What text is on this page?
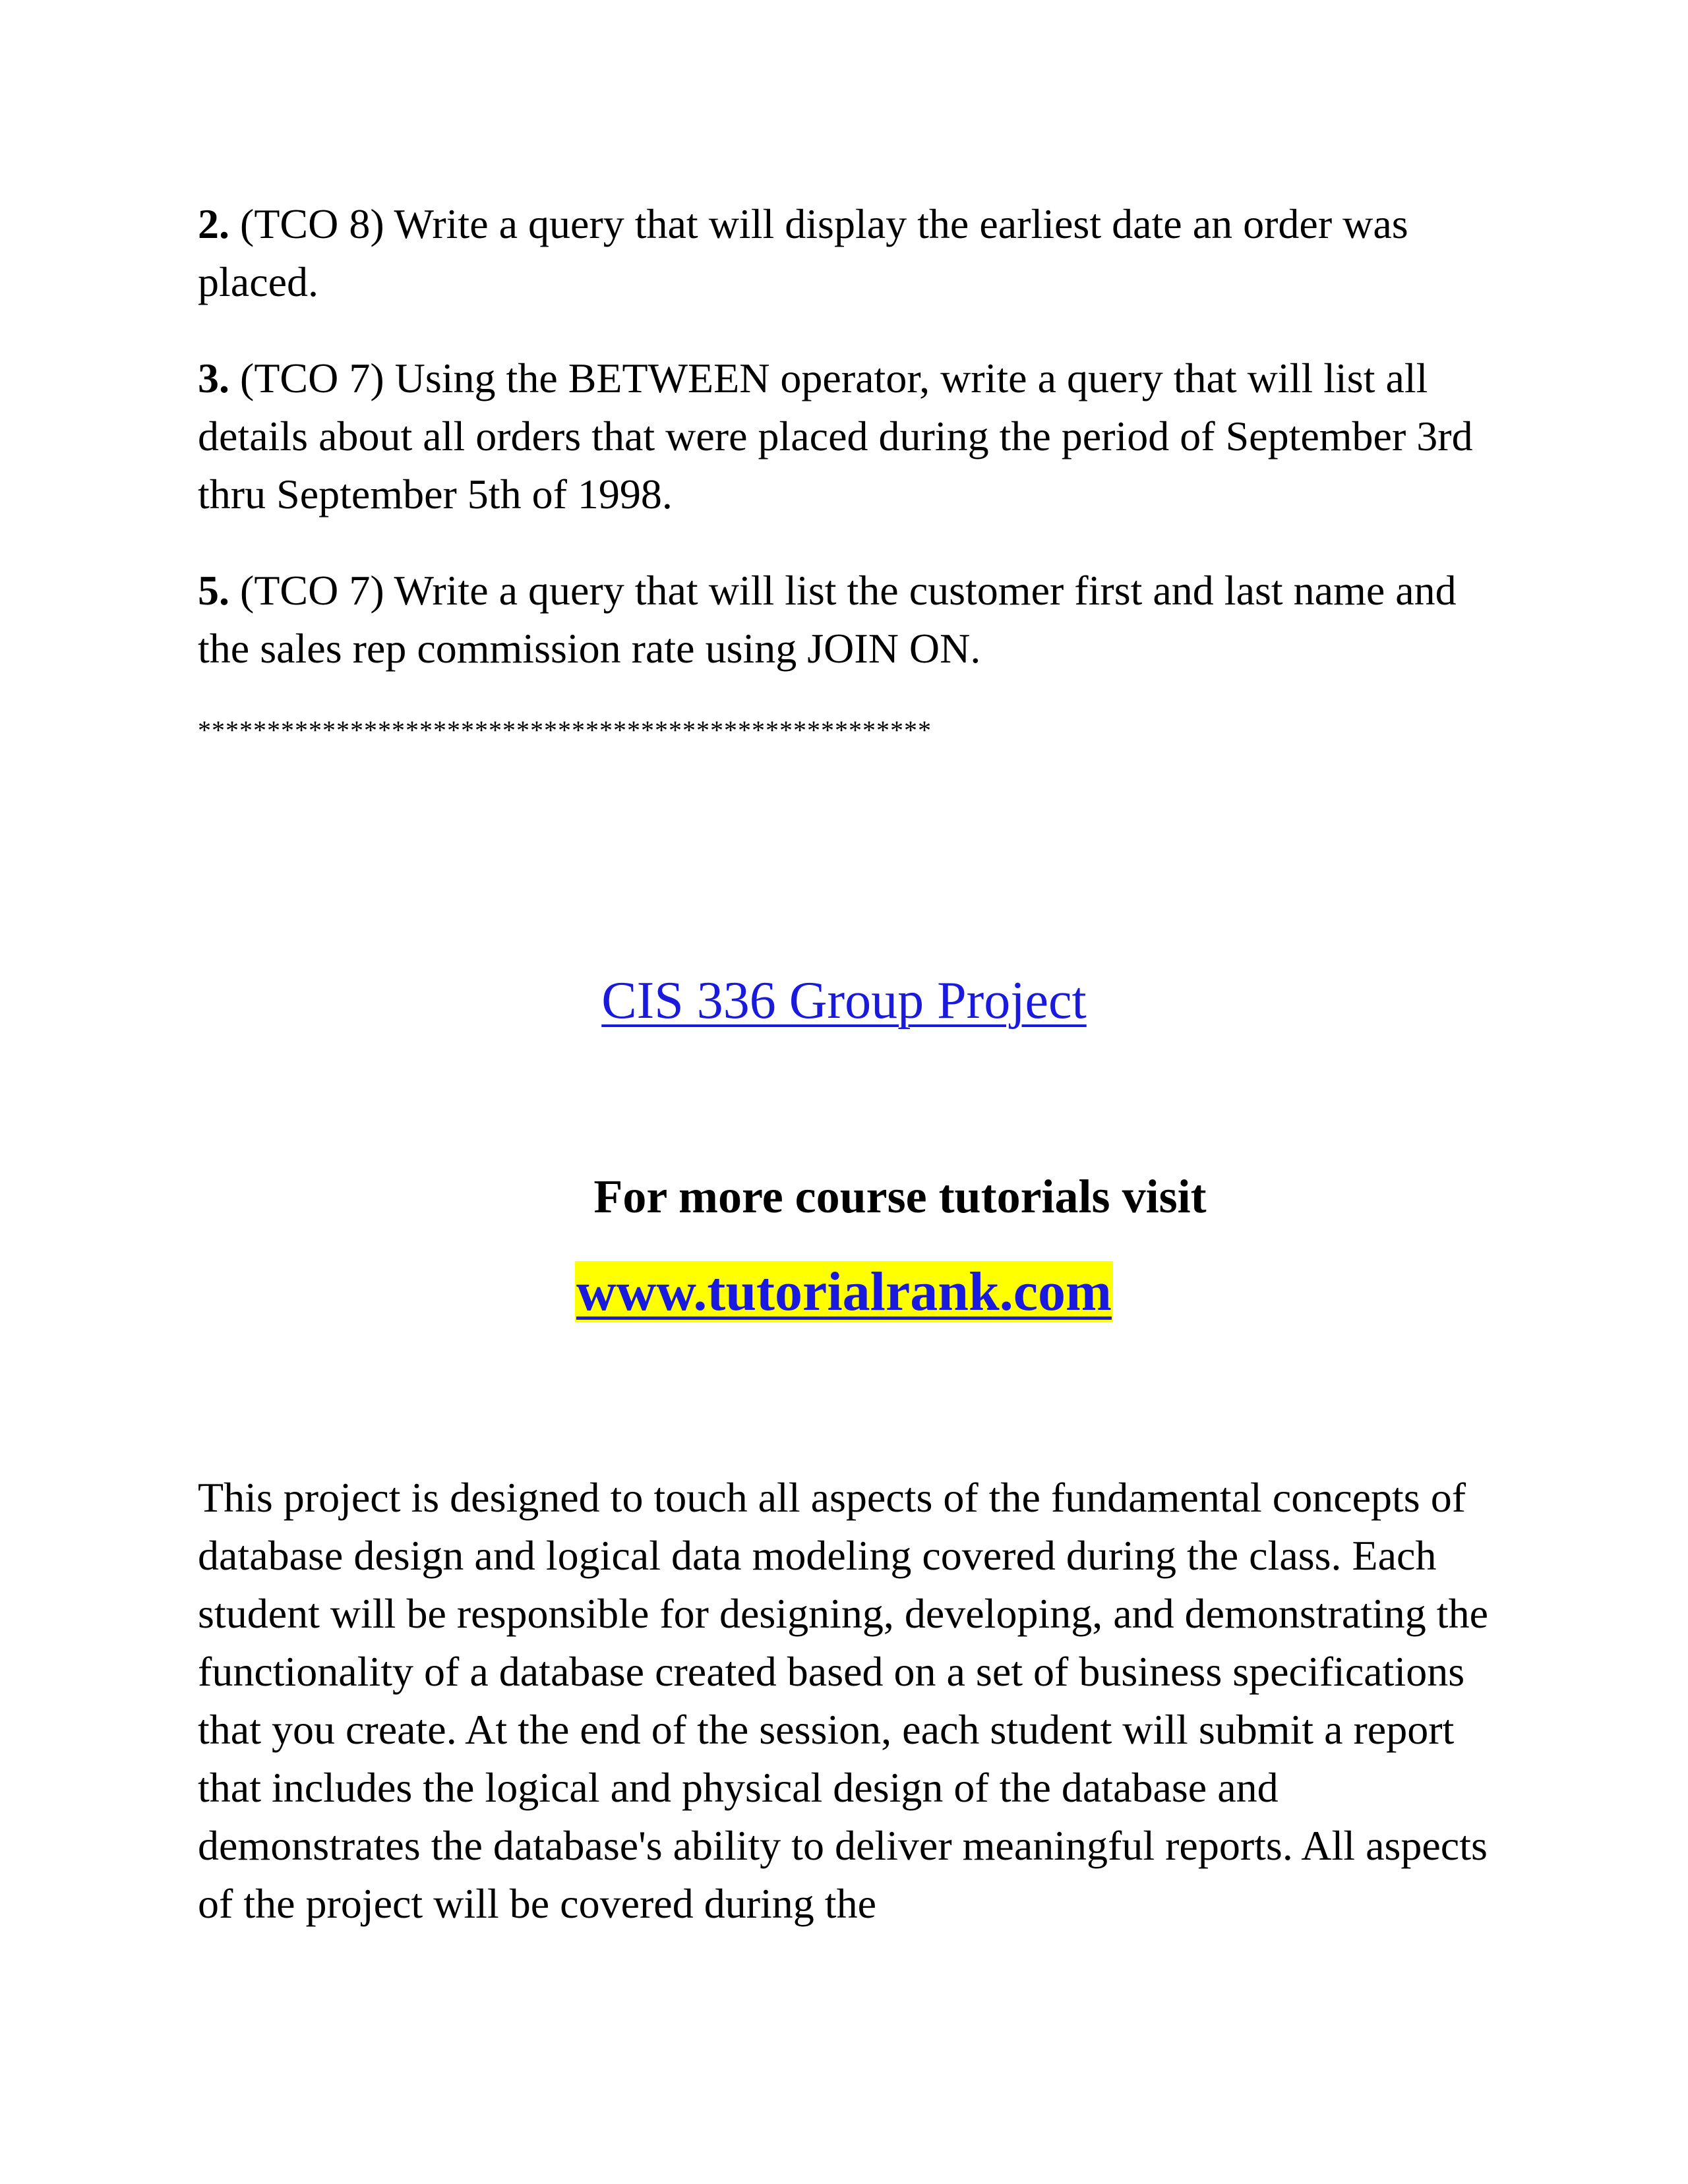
2. (TCO 8) Write a query that will display the earliest date an order was placed.

3. (TCO 7) Using the BETWEEN operator, write a query that will list all details about all orders that were placed during the period of September 3rd thru September 5th of 1998.

5. (TCO 7) Write a query that will list the customer first and last name and the sales rep commission rate using JOIN ON.

*****************************************************
CIS 336 Group Project
For more course tutorials visit
www.tutorialrank.com

This project is designed to touch all aspects of the fundamental concepts of database design and logical data modeling covered during the class. Each student will be responsible for designing, developing, and demonstrating the functionality of a database created based on a set of business specifications that you create. At the end of the session, each student will submit a report that includes the logical and physical design of the database and demonstrates the database's ability to deliver meaningful reports. All aspects of the project will be covered during the
